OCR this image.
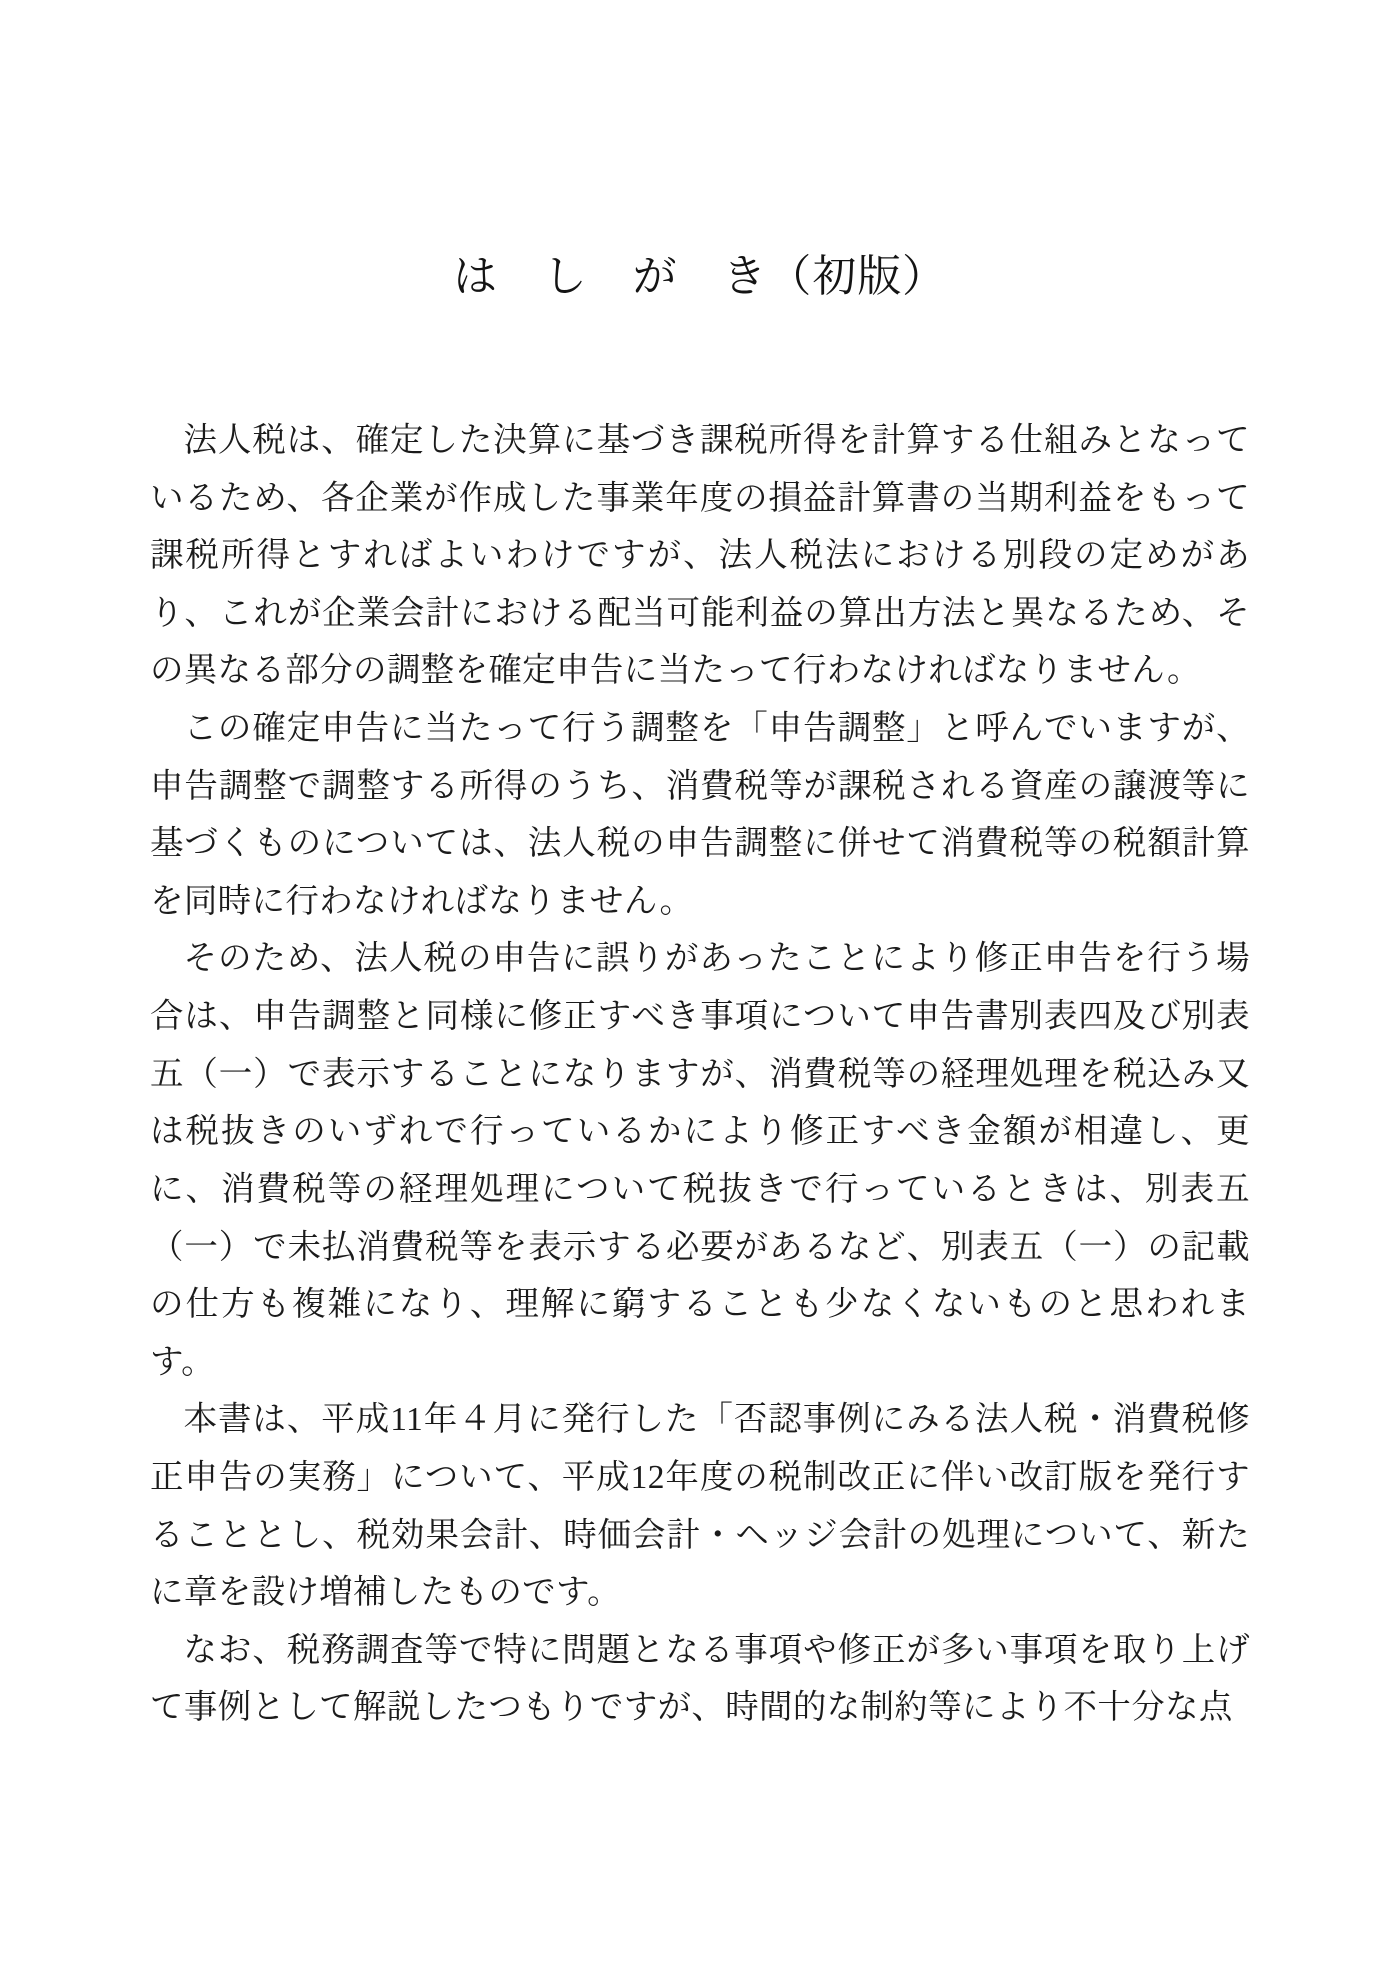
は　し　が　き（初版）

法人税は、確定した決算に基づき課税所得を計算する仕組みとなっているため、各企業が作成した事業年度の損益計算書の当期利益をもって課税所得とすればよいわけですが、法人税法における別段の定めがあり、これが企業会計における配当可能利益の算出方法と異なるため、その異なる部分の調整を確定申告に当たって行わなければなりません。

この確定申告に当たって行う調整を「申告調整」と呼んでいますが、申告調整で調整する所得のうち、消費税等が課税される資産の譲渡等に基づくものについては、法人税の申告調整に併せて消費税等の税額計算を同時に行わなければなりません。

そのため、法人税の申告に誤りがあったことにより修正申告を行う場合は、申告調整と同様に修正すべき事項について申告書別表四及び別表五（一）で表示することになりますが、消費税等の経理処理を税込み又は税抜きのいずれで行っているかにより修正すべき金額が相違し、更に、消費税等の経理処理について税抜きで行っているときは、別表五（一）で未払消費税等を表示する必要があるなど、別表五（一）の記載の仕方も複雑になり、理解に窮することも少なくないものと思われます。

本書は、平成11年４月に発行した「否認事例にみる法人税・消費税修正申告の実務」について、平成12年度の税制改正に伴い改訂版を発行することとし、税効果会計、時価会計・ヘッジ会計の処理について、新たに章を設け増補したものです。

なお、税務調査等で特に問題となる事項や修正が多い事項を取り上げて事例として解説したつもりですが、時間的な制約等により不十分な点
